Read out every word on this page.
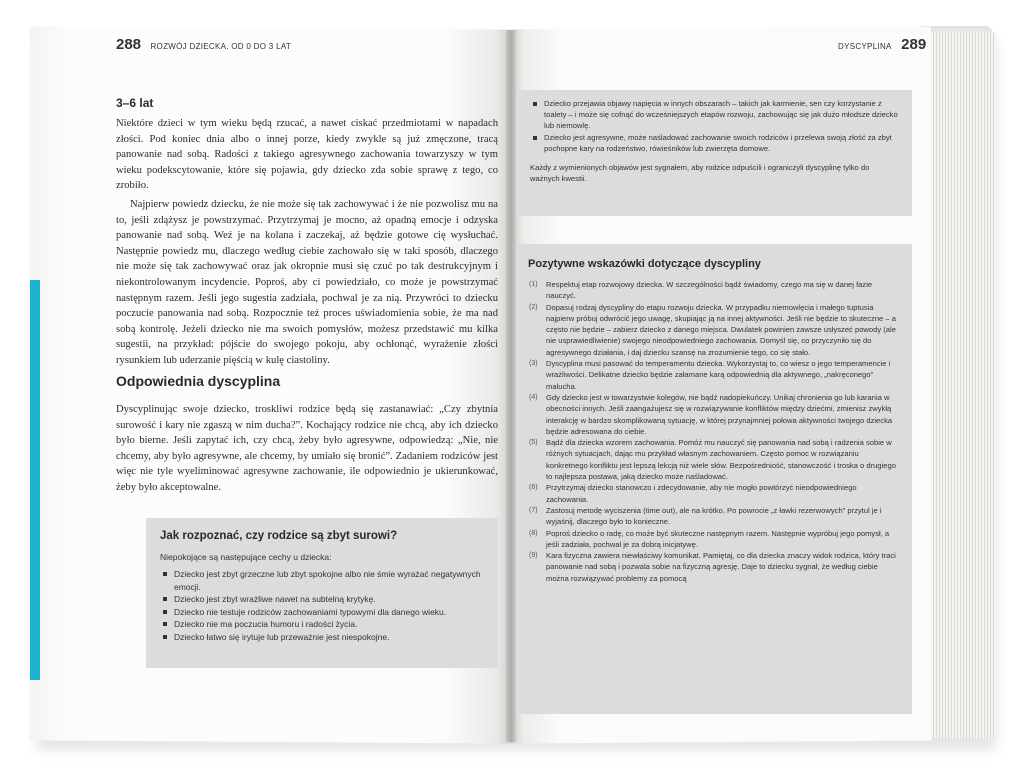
288 ROZWÓJ DZIECKA. OD 0 DO 3 LAT
3–6 lat

Niektóre dzieci w tym wieku będą rzucać, a nawet ciskać przedmiotami w napadach złości. Pod koniec dnia albo o innej porze, kiedy zwykle są już zmęczone, tracą panowanie nad sobą. Radości z takiego agresywnego zachowania towarzyszy w tym wieku podekscytowanie, które się pojawia, gdy dziecko zda sobie sprawę z tego, co zrobiło.

Najpierw powiedz dziecku, że nie może się tak zachowywać i że nie pozwolisz mu na to, jeśli zdążysz je powstrzymać. Przytrzymaj je mocno, aż opadną emocje i odzyska panowanie nad sobą. Weź je na kolana i zaczekaj, aż będzie gotowe cię wysłuchać. Następnie powiedz mu, dlaczego według ciebie zachowało się w taki sposób, dlaczego nie może się tak zachowywać oraz jak okropnie musi się czuć po tak destrukcyjnym i niekontrolowanym incydencie. Poproś, aby ci powiedziało, co może je powstrzymać następnym razem. Jeśli jego sugestia zadziała, pochwal je za nią. Przywróci to dziecku poczucie panowania nad sobą. Rozpocznie też proces uświadomienia sobie, że ma nad sobą kontrolę. Jeżeli dziecko nie ma swoich pomysłów, możesz przedstawić mu kilka sugestii, na przykład: pójście do swojego pokoju, aby ochłonąć, wyrażenie złości rysunkiem lub uderzanie pięścią w kulę ciastoliny.

Odpowiednia dyscyplina

Dyscyplinując swoje dziecko, troskliwi rodzice będą się zastanawiać: „Czy zbytnia surowość i kary nie zgaszą w nim ducha?”. Kochający rodzice nie chcą, aby ich dziecko było bierne. Jeśli zapytać ich, czy chcą, żeby było agresywne, odpowiedzą: „Nie, nie chcemy, aby było agresywne, ale chcemy, by umiało się bronić”. Zadaniem rodziców jest więc nie tyle wyeliminować agresywne zachowanie, ile odpowiednio je ukierunkować, żeby było akceptowalne.

Jak rozpoznać, czy rodzice są zbyt surowi?
Niepokojące są następujące cechy u dziecka:
Dziecko jest zbyt grzeczne lub zbyt spokojne albo nie śmie wyrażać negatywnych emocji.
Dziecko jest zbyt wrażliwe nawet na subtelną krytykę.
Dziecko nie testuje rodziców zachowaniami typowymi dla danego wieku.
Dziecko nie ma poczucia humoru i radości życia.
Dziecko łatwo się irytuje lub przeważnie jest niespokojne.
DYSCYPLINA 289
Dziecko przejawia objawy napięcia w innych obszarach – takich jak karmienie, sen czy korzystanie z toalety – i może się cofnąć do wcześniejszych etapów rozwoju, zachowując się jak dużo młodsze dziecko lub niemowlę.
Dziecko jest agresywne, może naśladować zachowanie swoich rodziców i przelewa swoją złość za zbyt pochopne kary na rodzeństwo, rówieśników lub zwierzęta domowe.
Każdy z wymienionych objawów jest sygnałem, aby rodzice odpuścili i ograniczyli dyscyplinę tylko do ważnych kwestii.
Pozytywne wskazówki dotyczące dyscypliny
(1) Respektuj etap rozwojowy dziecka. W szczególności bądź świadomy, czego ma się w danej fazie nauczyć.
(2) Dopasuj rodzaj dyscypliny do etapu rozwoju dziecka. W przypadku niemowlęcia i małego tuptusia najpierw próbuj odwrócić jego uwagę, skupiając ją na innej aktywności. Jeśli nie będzie to skuteczne – a często nie będzie – zabierz dziecko z danego miejsca. Dwulatek powinien zawsze usłyszeć powody (ale nie usprawiedliwienie) swojego nieodpowiedniego zachowania. Domyśl się, co przyczyniło się do agresywnego działania, i daj dziecku szansę na zrozumienie tego, co się stało.
(3) Dyscyplina musi pasować do temperamentu dziecka. Wykorzystaj to, co wiesz o jego temperamencie i wrażliwości. Delikatne dziecko będzie załamane karą odpowiednią dla aktywnego, „nakręconego” malucha.
(4) Gdy dziecko jest w towarzystwie kolegów, nie bądź nadopiekuńczy. Unikaj chronienia go lub karania w obecności innych. Jeśli zaangażujesz się w rozwiązywanie konfliktów między dziećmi, zmienisz zwykłą interakcję w bardzo skomplikowaną sytuację, w której przynajmniej połowa aktywności twojego dziecka będzie adresowana do ciebie.
(5) Bądź dla dziecka wzorem zachowania. Pomóż mu nauczyć się panowania nad sobą i radzenia sobie w różnych sytuacjach, dając mu przykład własnym zachowaniem. Często pomoc w rozwiązaniu konkretnego konfliktu jest lepszą lekcją niż wiele słów. Bezpośredniość, stanowczość i troska o drugiego to najlepsza postawa, jaką dziecko może naśladować.
(6) Przytrzymaj dziecko stanowczo i zdecydowanie, aby nie mogło powtórzyć nieodpowiedniego zachowania.
(7) Zastosuj metodę wyciszenia (time out), ale na krótko. Po powrocie „z ławki rezerwowych” przytul je i wyjaśnij, dlaczego było to konieczne.
(8) Poproś dziecko o radę, co może być skuteczne następnym razem. Następnie wypróbuj jego pomysł, a jeśli zadziała, pochwal je za dobrą inicjatywę.
(9) Kara fizyczna zawiera niewłaściwy komunikat. Pamiętaj, co dla dziecka znaczy widok rodzica, który traci panowanie nad sobą i pozwala sobie na fizyczną agresję. Daje to dziecku sygnał, że według ciebie można rozwiązywać problemy za pomocą
